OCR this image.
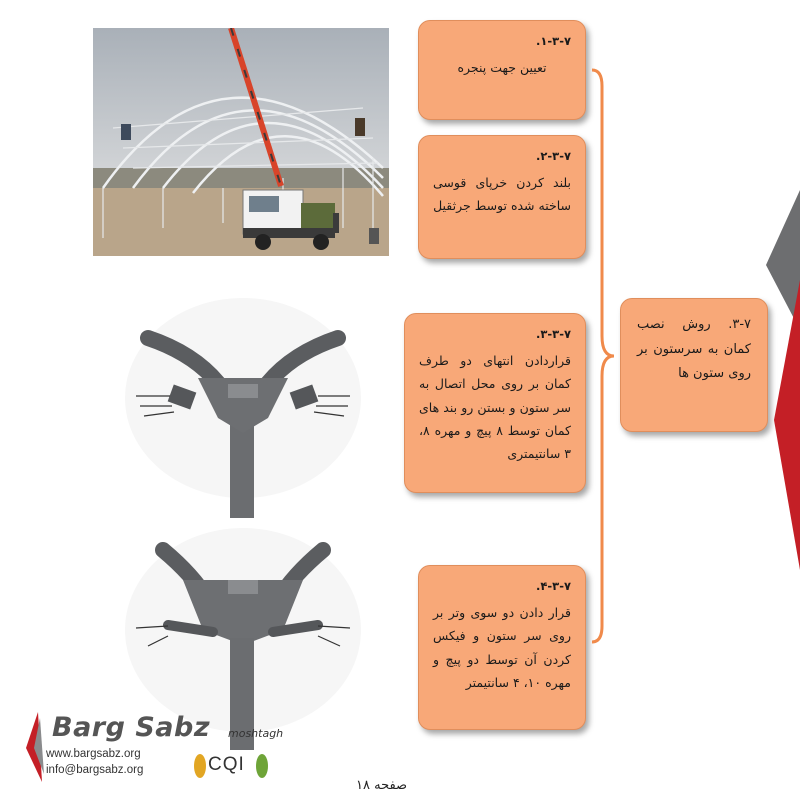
۱-۳-۷.
تعیین جهت پنجره
۲-۳-۷.
بلند کردن خرپای قوسی ساخته شده توسط جرثقیل
۳-۳-۷.
قراردادن انتهای دو طرف کمان بر روی محل اتصال به سر ستون و بستن رو بند های کمان توسط ۸ پیچ و مهره ۸، ۳ سانتیمتری
۴-۳-۷.
قرار دادن دو سوی وتر بر روی سر ستون و فیکس کردن آن توسط دو پیچ و مهره ۱۰، ۴ سانتیمتر
۳-۷. روش نصب کمان به سرستون بر روی ستون ها
Barg Sabz moshtagh
www.bargsabz.org
info@bargsabz.org	CQI
صفحه ۱۸
